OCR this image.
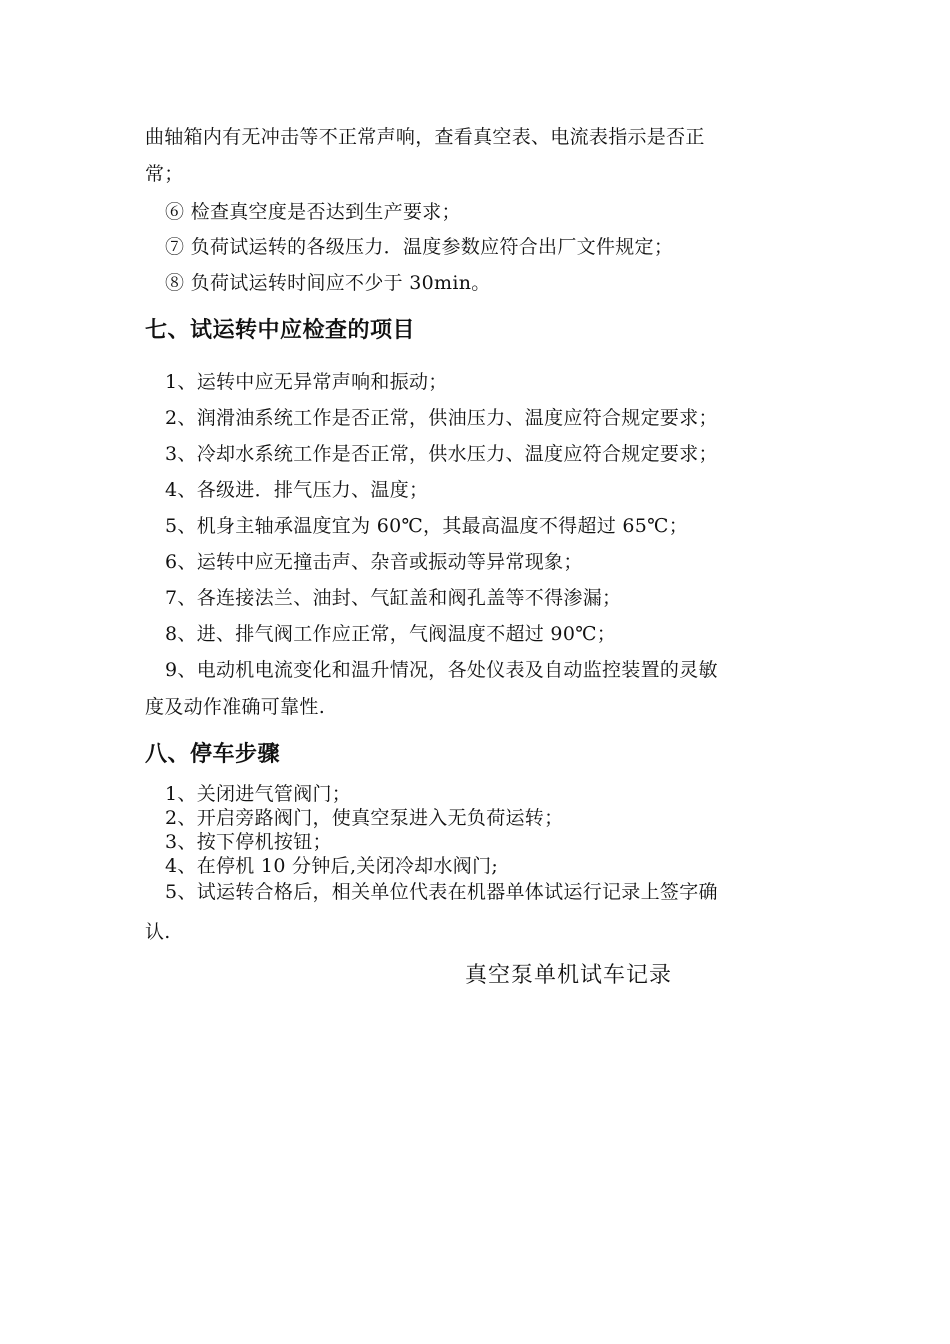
曲轴箱内有无冲击等不正常声响，查看真空表、电流表指示是否正
常；
⑥ 检查真空度是否达到生产要求；
⑦ 负荷试运转的各级压力．温度参数应符合出厂文件规定；
⑧ 负荷试运转时间应不少于 30min。
七、试运转中应检查的项目
1、运转中应无异常声响和振动；
2、润滑油系统工作是否正常，供油压力、温度应符合规定要求；
3、冷却水系统工作是否正常，供水压力、温度应符合规定要求；
4、各级进．排气压力、温度；
5、机身主轴承温度宜为 60℃，其最高温度不得超过 65℃；
6、运转中应无撞击声、杂音或振动等异常现象；
7、各连接法兰、油封、气缸盖和阀孔盖等不得渗漏；
8、进、排气阀工作应正常，气阀温度不超过 90℃；
9、电动机电流变化和温升情况，各处仪表及自动监控装置的灵敏
度及动作准确可靠性.
八、停车步骤
1、关闭进气管阀门；
2、开启旁路阀门，使真空泵进入无负荷运转；
3、按下停机按钮；
4、在停机 10 分钟后,关闭冷却水阀门;
5、试运转合格后，相关单位代表在机器单体试运行记录上签字确
认.
真空泵单机试车记录
